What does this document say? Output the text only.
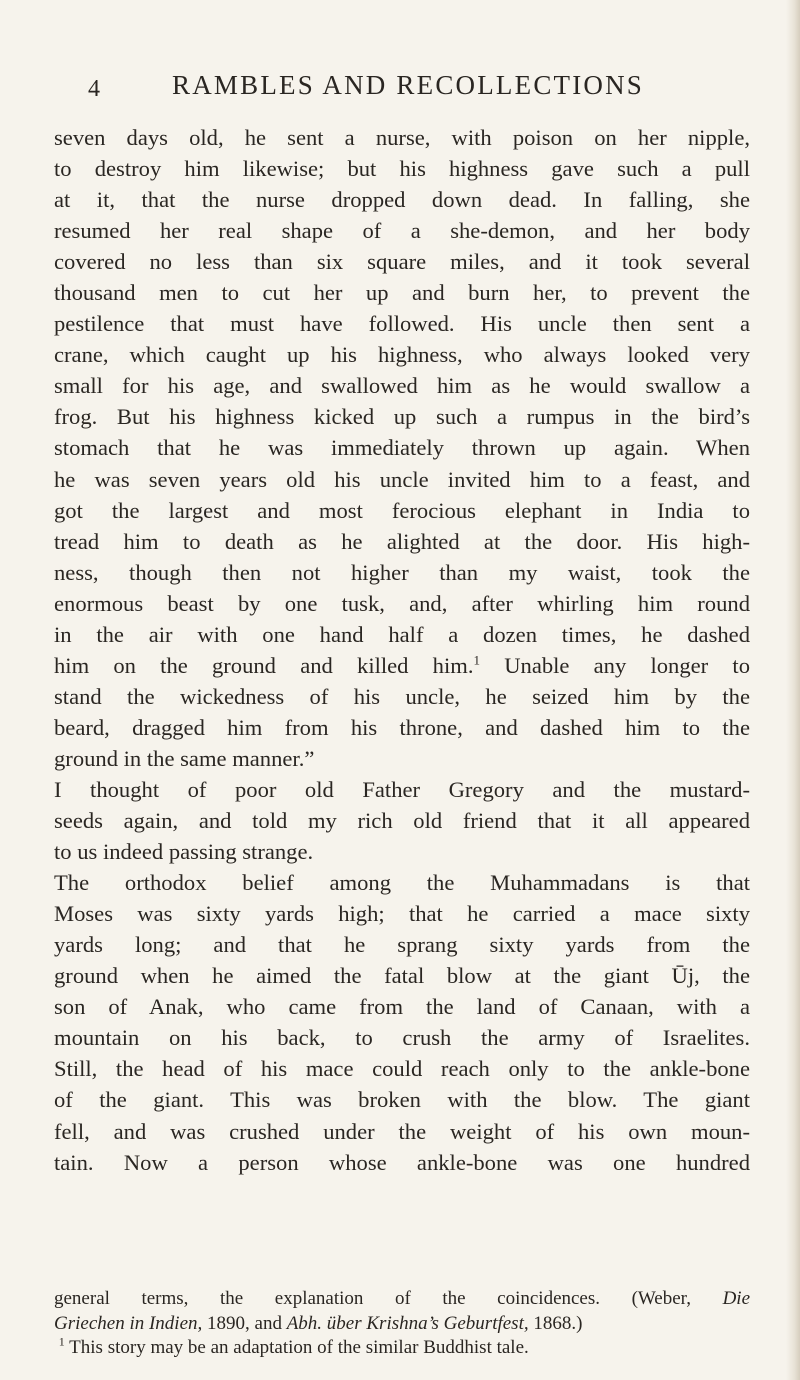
4	RAMBLES AND RECOLLECTIONS
seven days old, he sent a nurse, with poison on her nipple,
to destroy him likewise; but his highness gave such a pull
at it, that the nurse dropped down dead. In falling, she
resumed her real shape of a she-demon, and her body
covered no less than six square miles, and it took several
thousand men to cut her up and burn her, to prevent the
pestilence that must have followed. His uncle then sent a
crane, which caught up his highness, who always looked very
small for his age, and swallowed him as he would swallow a
frog. But his highness kicked up such a rumpus in the bird’s
stomach that he was immediately thrown up again. When
he was seven years old his uncle invited him to a feast, and
got the largest and most ferocious elephant in India to
tread him to death as he alighted at the door. His high-
ness, though then not higher than my waist, took the
enormous beast by one tusk, and, after whirling him round
in the air with one hand half a dozen times, he dashed
him on the ground and killed him.$^1$ Unable any longer to
stand the wickedness of his uncle, he seized him by the
beard, dragged him from his throne, and dashed him to the
ground in the same manner.”
I thought of poor old Father Gregory and the mustard-
seeds again, and told my rich old friend that it all appeared
to us indeed passing strange.
The orthodox belief among the Muhammadans is that
Moses was sixty yards high; that he carried a mace sixty
yards long; and that he sprang sixty yards from the
ground when he aimed the fatal blow at the giant Ūj, the
son of Anak, who came from the land of Canaan, with a
mountain on his back, to crush the army of Israelites.
Still, the head of his mace could reach only to the ankle-bone
of the giant. This was broken with the blow. The giant
fell, and was crushed under the weight of his own moun-
tain. Now a person whose ankle-bone was one hundred
general terms, the explanation of the coincidences. (Weber, Die
Griechen in Indien, 1890, and Abh. über Krishna’s Geburtfest, 1868.)
$^1$ This story may be an adaptation of the similar Buddhist tale.
